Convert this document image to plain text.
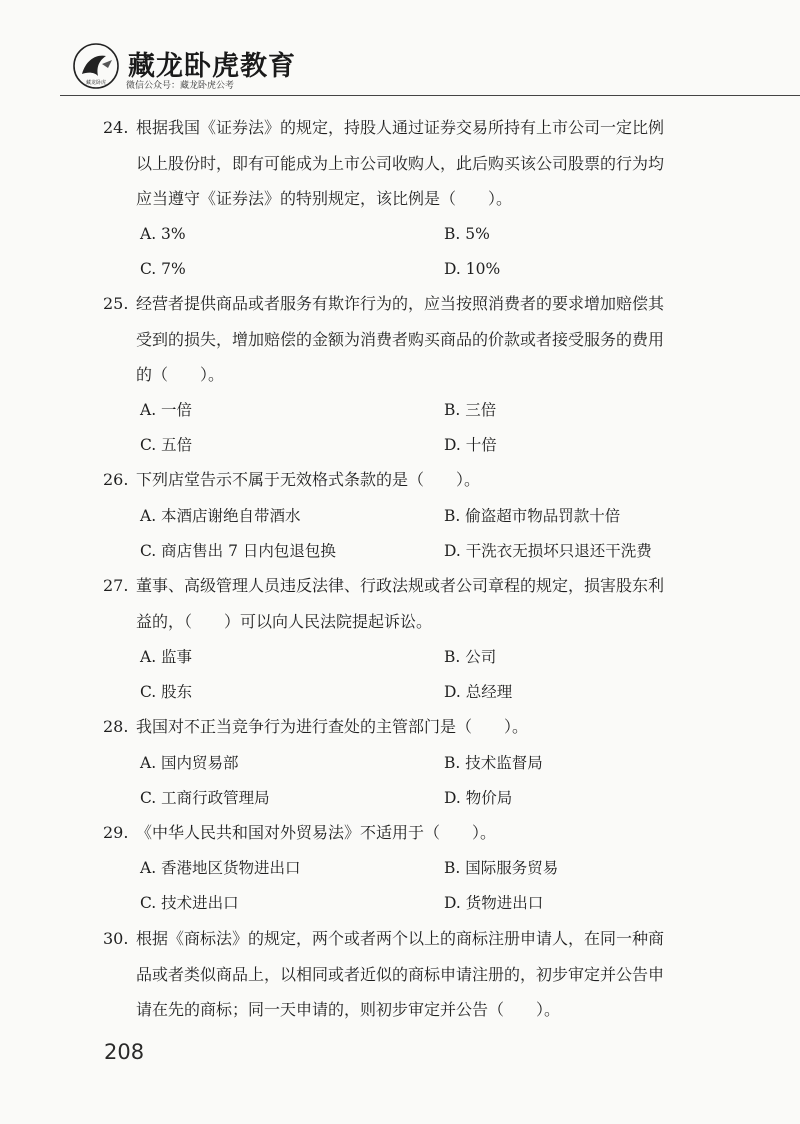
藏龙卧虎
藏龙卧虎教育
微信公众号：藏龙卧虎公考
24. 根据我国《证券法》的规定，持股人通过证券交易所持有上市公司一定比例
以上股份时，即有可能成为上市公司收购人，此后购买该公司股票的行为均
应当遵守《证券法》的特别规定，该比例是（　　）。
A. 3%	B. 5%
C. 7%	D. 10%
25. 经营者提供商品或者服务有欺诈行为的，应当按照消费者的要求增加赔偿其
受到的损失，增加赔偿的金额为消费者购买商品的价款或者接受服务的费用
的（　　）。
A. 一倍	B. 三倍
C. 五倍	D. 十倍
26. 下列店堂告示不属于无效格式条款的是（　　）。
A. 本酒店谢绝自带酒水	B. 偷盗超市物品罚款十倍
C. 商店售出 7 日内包退包换	D. 干洗衣无损坏只退还干洗费
27. 董事、高级管理人员违反法律、行政法规或者公司章程的规定，损害股东利
益的，（　　）可以向人民法院提起诉讼。
A. 监事	B. 公司
C. 股东	D. 总经理
28. 我国对不正当竞争行为进行查处的主管部门是（　　）。
A. 国内贸易部	B. 技术监督局
C. 工商行政管理局	D. 物价局
29. 《中华人民共和国对外贸易法》不适用于（　　）。
A. 香港地区货物进出口	B. 国际服务贸易
C. 技术进出口	D. 货物进出口
30. 根据《商标法》的规定，两个或者两个以上的商标注册申请人，在同一种商
品或者类似商品上，以相同或者近似的商标申请注册的，初步审定并公告申
请在先的商标；同一天申请的，则初步审定并公告（　　）。
208
